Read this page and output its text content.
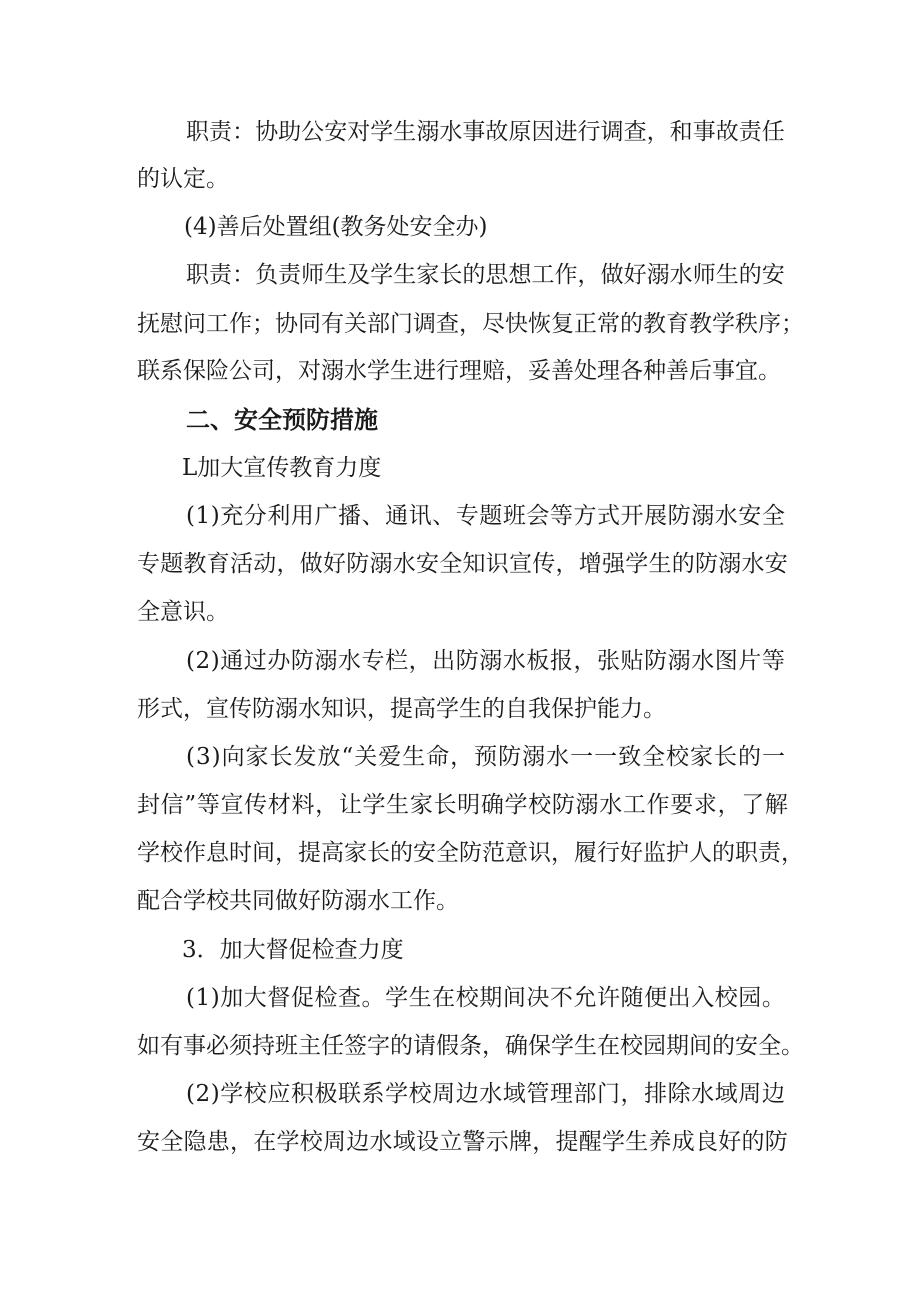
职 责 ： 协 助 公 安 对 学 生 溺 水 事 故 原 因 进 行 调 查 ， 和 事 故 责 任
的认定。
(4)善后处置组(教务处安全办)
职 责 ： 负 责 师 生 及 学 生 家 长 的 思 想 工 作 ， 做 好 溺 水 师 生 的 安
抚 慰 问 工 作 ； 协 同 有 关 部 门 调 查 ， 尽 快 恢 复 正 常 的 教 育 教 学 秩 序 ；
联系保险公司，对溺水学生进行理赔，妥善处理各种善后事宜。
二、安全预防措施
L加大宣传教育力度
( 1 ) 充 分 利 用 广 播 、 通 讯 、 专 题 班 会 等 方 式 开 展 防 溺 水 安 全
专 题 教 育 活 动 ， 做 好 防 溺 水 安 全 知 识 宣 传 ， 增 强 学 生 的 防 溺 水 安
全意识。
( 2 ) 通 过 办 防 溺 水 专 栏 ， 出 防 溺 水 板 报 ， 张 贴 防 溺 水 图 片 等
形式，宣传防溺水知识，提高学生的自我保护能力。
( 3 ) 向 家 长 发 放 “ 关 爱 生 命 ， 预 防 溺 水 一 一 致 全 校 家 长 的 一
封 信 ” 等 宣 传 材 料 ， 让 学 生 家 长 明 确 学 校 防 溺 水 工 作 要 求 ， 了 解
学 校 作 息 时 间 ， 提 高 家 长 的 安 全 防 范 意 识 ， 履 行 好 监 护 人 的 职 责 ，
配合学校共同做好防溺水工作。
3．加大督促检查力度
( 1 ) 加 大 督 促 检 查 。 学 生 在 校 期 间 决 不 允 许 随 便 出 入 校 园 。
如 有 事 必 须 持 班 主 任 签 字 的 请 假 条 ， 确 保 学 生 在 校 园 期 间 的 安 全 。
( 2 ) 学 校 应 积 极 联 系 学 校 周 边 水 域 管 理 部 门 ， 排 除 水 域 周 边
安 全 隐 患 ， 在 学 校 周 边 水 域 设 立 警 示 牌 ， 提 醒 学 生 养 成 良 好 的 防
